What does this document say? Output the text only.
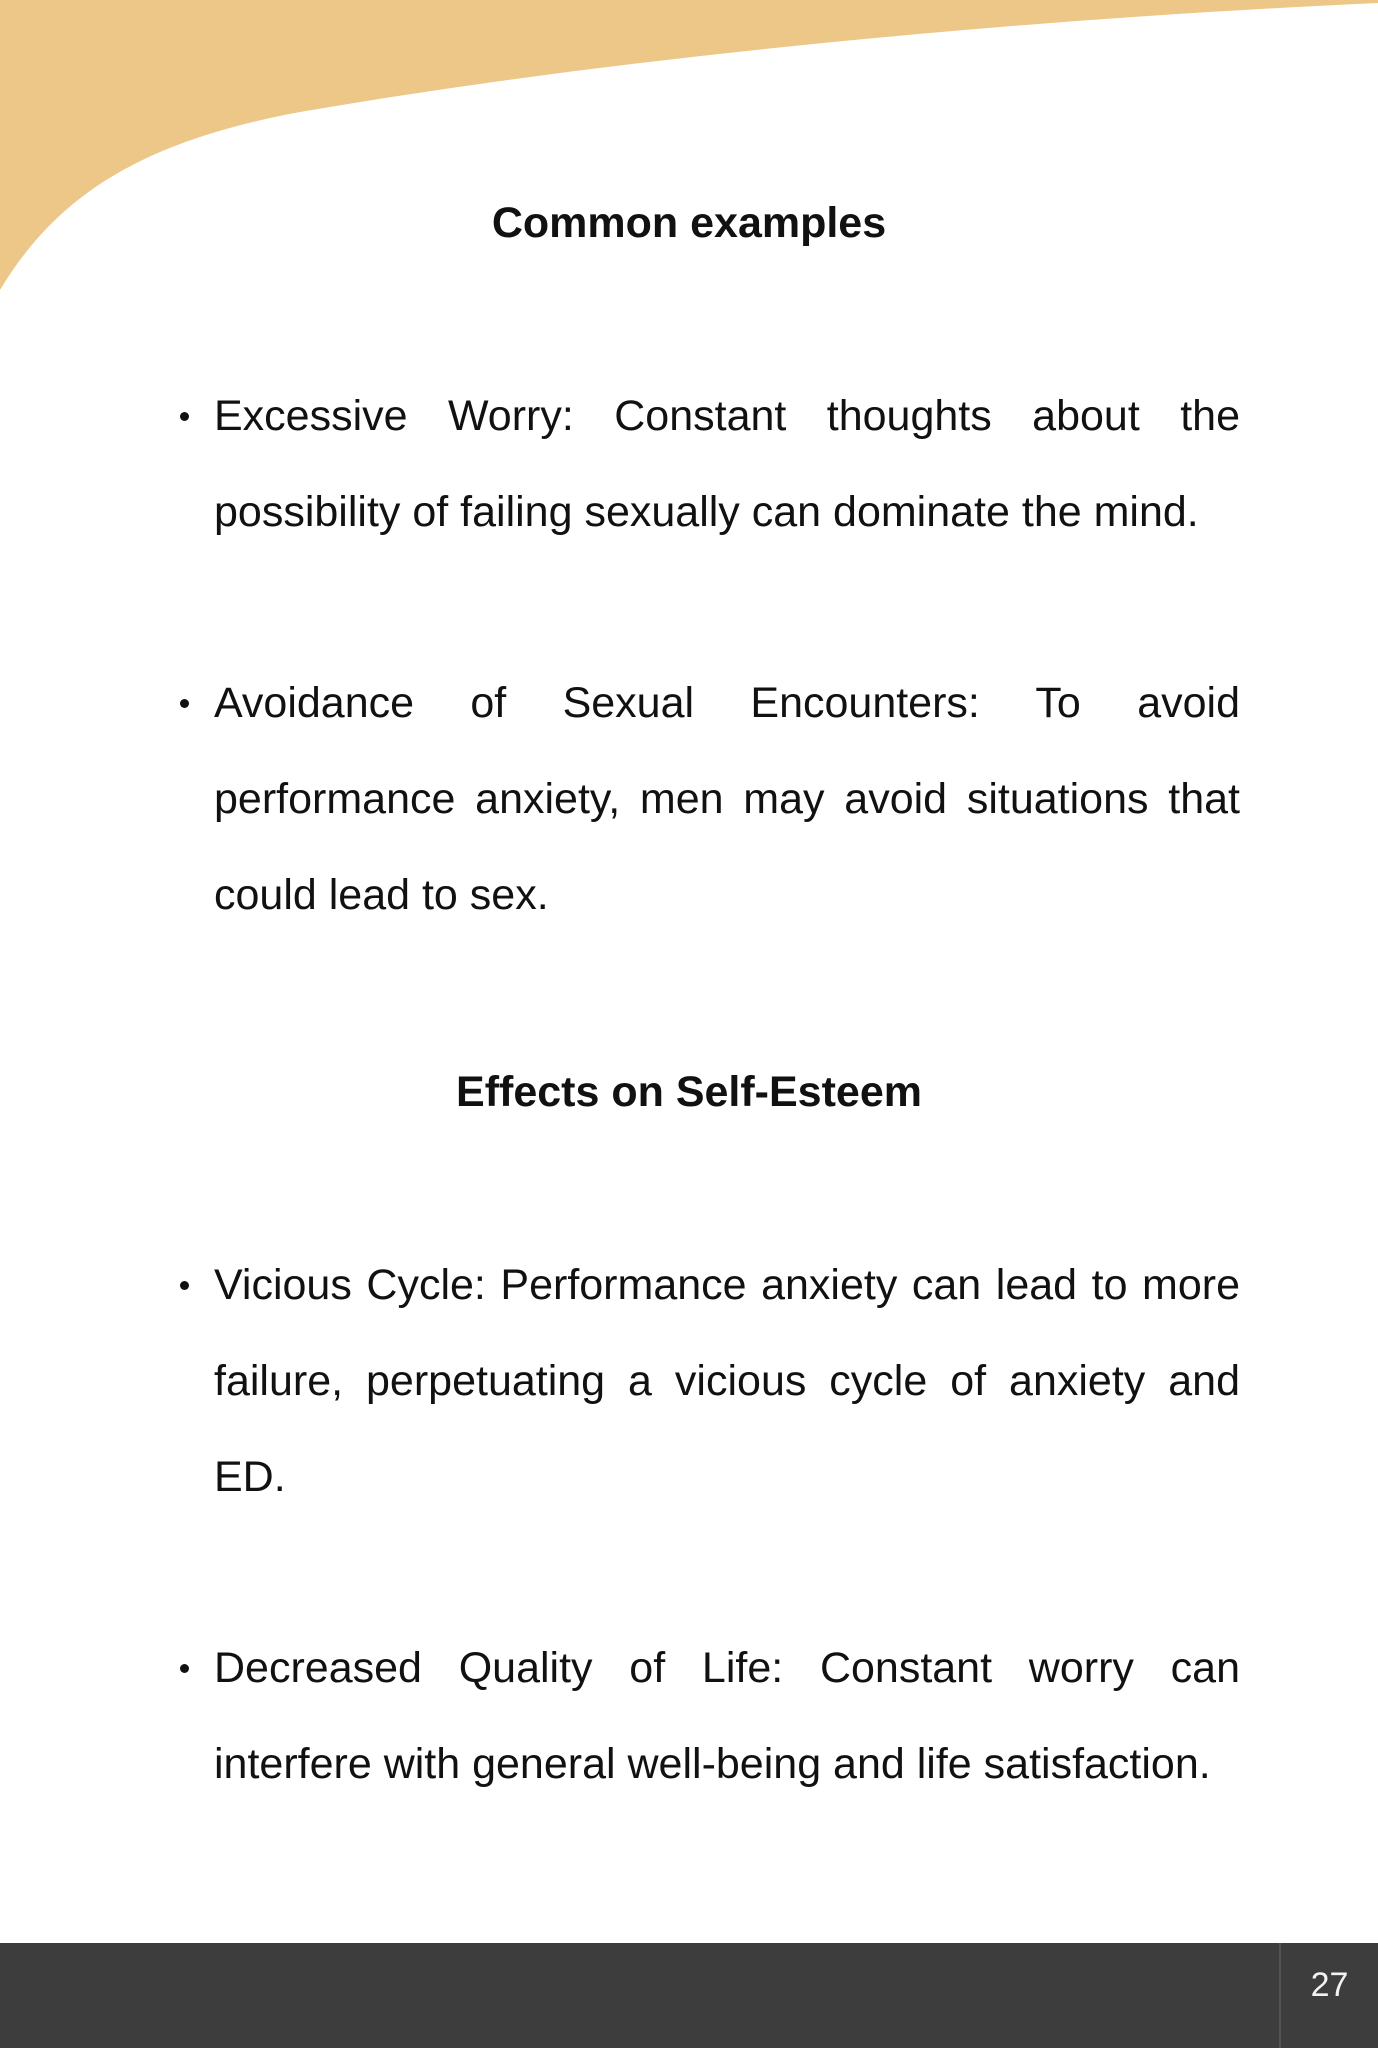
Common examples
Excessive Worry: Constant thoughts about the possibility of failing sexually can dominate the mind.
Avoidance of Sexual Encounters: To avoid performance anxiety, men may avoid situations that could lead to sex.
Effects on Self-Esteem
Vicious Cycle: Performance anxiety can lead to more failure, perpetuating a vicious cycle of anxiety and ED.
Decreased Quality of Life: Constant worry can interfere with general well-being and life satisfaction.
27
